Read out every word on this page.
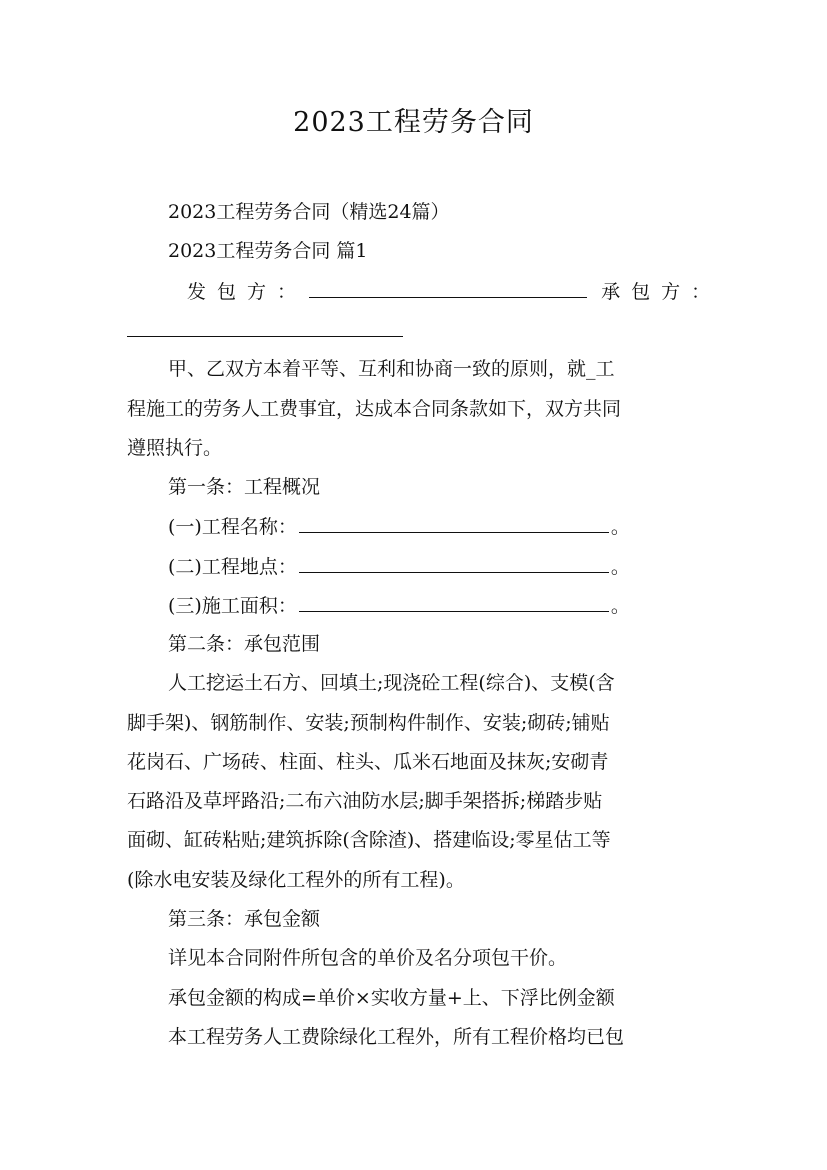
2023工程劳务合同
2023工程劳务合同（精选24篇）
2023工程劳务合同 篇1
发包方：	承包方：
甲、乙双方本着平等、互利和协商一致的原则，就_工
程施工的劳务人工费事宜，达成本合同条款如下，双方共同
遵照执行。
第一条：工程概况
(一)工程名称：	。
(二)工程地点：	。
(三)施工面积：	。
第二条：承包范围
人工挖运土石方、回填土;现浇砼工程(综合)、支模(含
脚手架)、钢筋制作、安装;预制构件制作、安装;砌砖;铺贴
花岗石、广场砖、柱面、柱头、瓜米石地面及抹灰;安砌青
石路沿及草坪路沿;二布六油防水层;脚手架搭拆;梯踏步贴
面砌、缸砖粘贴;建筑拆除(含除渣)、搭建临设;零星估工等
(除水电安装及绿化工程外的所有工程)。
第三条：承包金额
详见本合同附件所包含的单价及名分项包干价。
承包金额的构成=单价×实收方量+上、下浮比例金额
本工程劳务人工费除绿化工程外，所有工程价格均已包
